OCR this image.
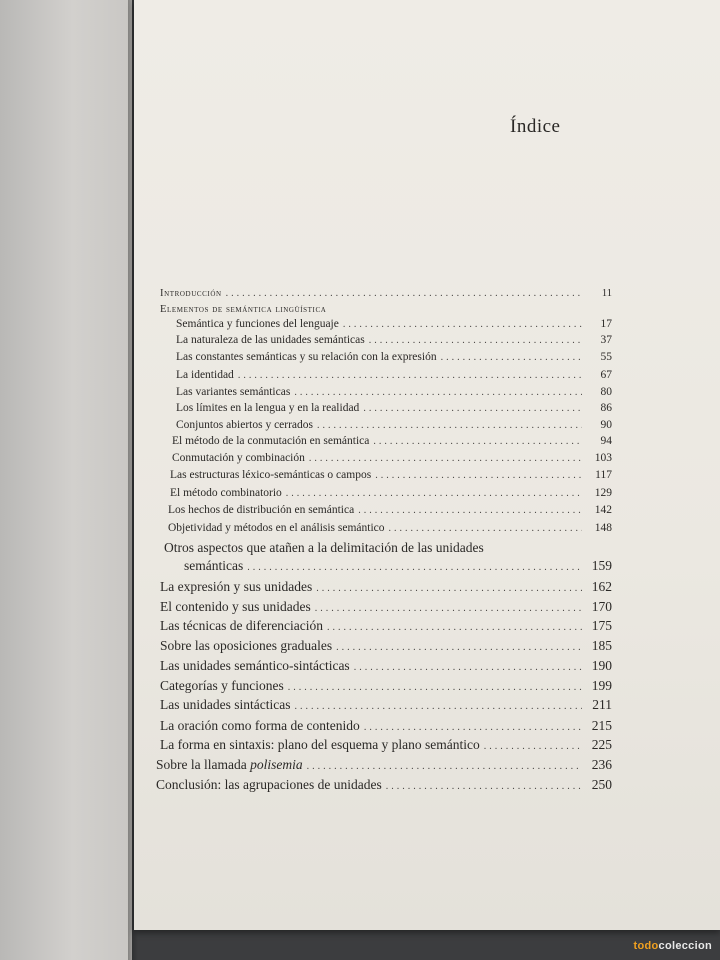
Índice
Introducción .....	11
Elementos de semántica lingüística
Semántica y funciones del lenguaje .....	17
La naturaleza de las unidades semánticas .....	37
Las constantes semánticas y su relación con la expresión .....	55
La identidad .....	67
Las variantes semánticas .....	80
Los límites en la lengua y en la realidad .....	86
Conjuntos abiertos y cerrados .....	90
El método de la conmutación en semántica .....	94
Conmutación y combinación .....	103
Las estructuras léxico-semánticas o campos .....	117
El método combinatorio .....	129
Los hechos de distribución en semántica .....	142
Objetividad y métodos en el análisis semántico .....	148
Otros aspectos que atañen a la delimitación de las unidades
semánticas .....	159
La expresión y sus unidades .....	162
El contenido y sus unidades .....	170
Las técnicas de diferenciación .....	175
Sobre las oposiciones graduales .....	185
Las unidades semántico-sintácticas .....	190
Categorías y funciones .....	199
Las unidades sintácticas .....	211
La oración como forma de contenido .....	215
La forma en sintaxis: plano del esquema y plano semántico .....	225
Sobre la llamada polisemia .....	236
Conclusión: las agrupaciones de unidades .....	250
todocoleccion
